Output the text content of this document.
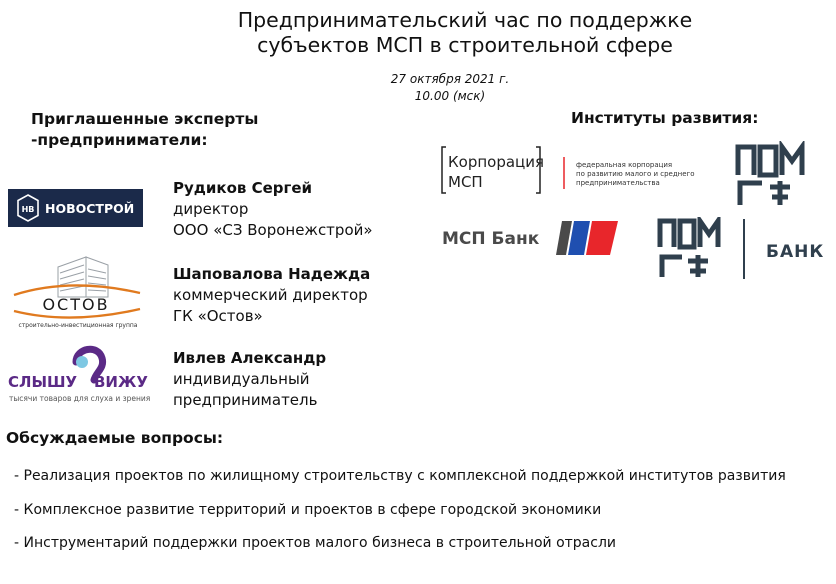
Предпринимательский час по поддержке
субъектов МСП в строительной сфере
27 октября 2021 г.
10.00 (мск)
Приглашенные эксперты
-предприниматели:
НВ НОВОСТРОЙ
ОСТОВ
строительно-инвестиционная группа
СЛЫШУ ВИЖУ
тысячи товаров для слуха и зрения
Рудиков Сергей
директор
ООО «СЗ Воронежстрой»
Шаповалова Надежда
коммерческий директор
ГК «Остов»
Ивлев Александр
индивидуальный
предприниматель
Институты развития:
Корпорация
МСП
федеральная корпорация
по развитию малого и среднего
предпринимательства
ДОМ
МСП Банк
БАНК
Обсуждаемые вопросы:
- Реализация проектов по жилищному строительству с комплексной поддержкой институтов развития
- Комплексное развитие территорий и проектов в сфере городской экономики
- Инструментарий поддержки проектов малого бизнеса в строительной отрасли
